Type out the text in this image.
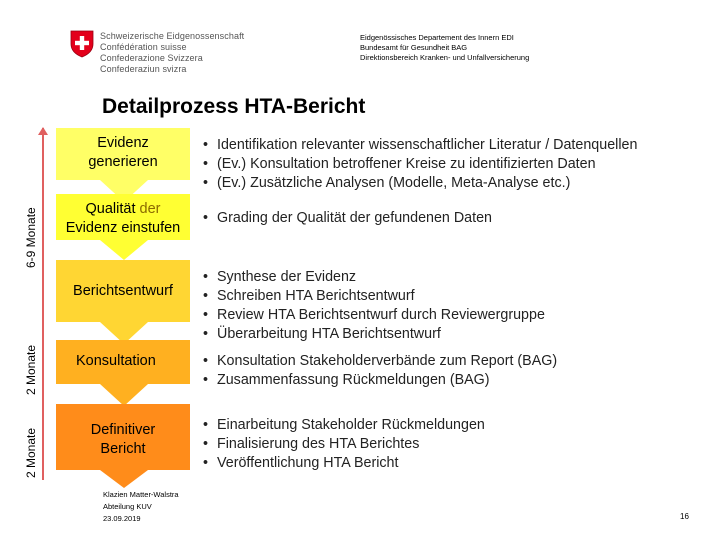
Schweizerische Eidgenossenschaft
Confédération suisse
Confederazione Svizzera
Confederaziun svizra
Eidgenössisches Departement des Innern EDI
Bundesamt für Gesundheit BAG
Direktionsbereich Kranken- und Unfallversicherung
Detailprozess HTA-Bericht
6-9 Monate
2 Monate
2 Monate
Evidenz generieren
Qualität der
Evidenz einstufen
Berichtsentwurf
Konsultation
Definitiver Bericht
• Identifikation relevanter wissenschaftlicher Literatur / Datenquellen
• (Ev.) Konsultation betroffener Kreise zu identifizierten Daten
• (Ev.) Zusätzliche Analysen (Modelle, Meta-Analyse etc.)
• Grading der Qualität der gefundenen Daten
• Synthese der Evidenz
• Schreiben HTA Berichtsentwurf
• Review HTA Berichtsentwurf durch Reviewergruppe
• Überarbeitung HTA Berichtsentwurf
• Konsultation Stakeholderverbände zum Report (BAG)
• Zusammenfassung Rückmeldungen (BAG)
• Einarbeitung Stakeholder Rückmeldungen
• Finalisierung des HTA Berichtes
• Veröffentlichung HTA Bericht
Klazien Matter-Walstra
Abteilung KUV
23.09.2019	16
